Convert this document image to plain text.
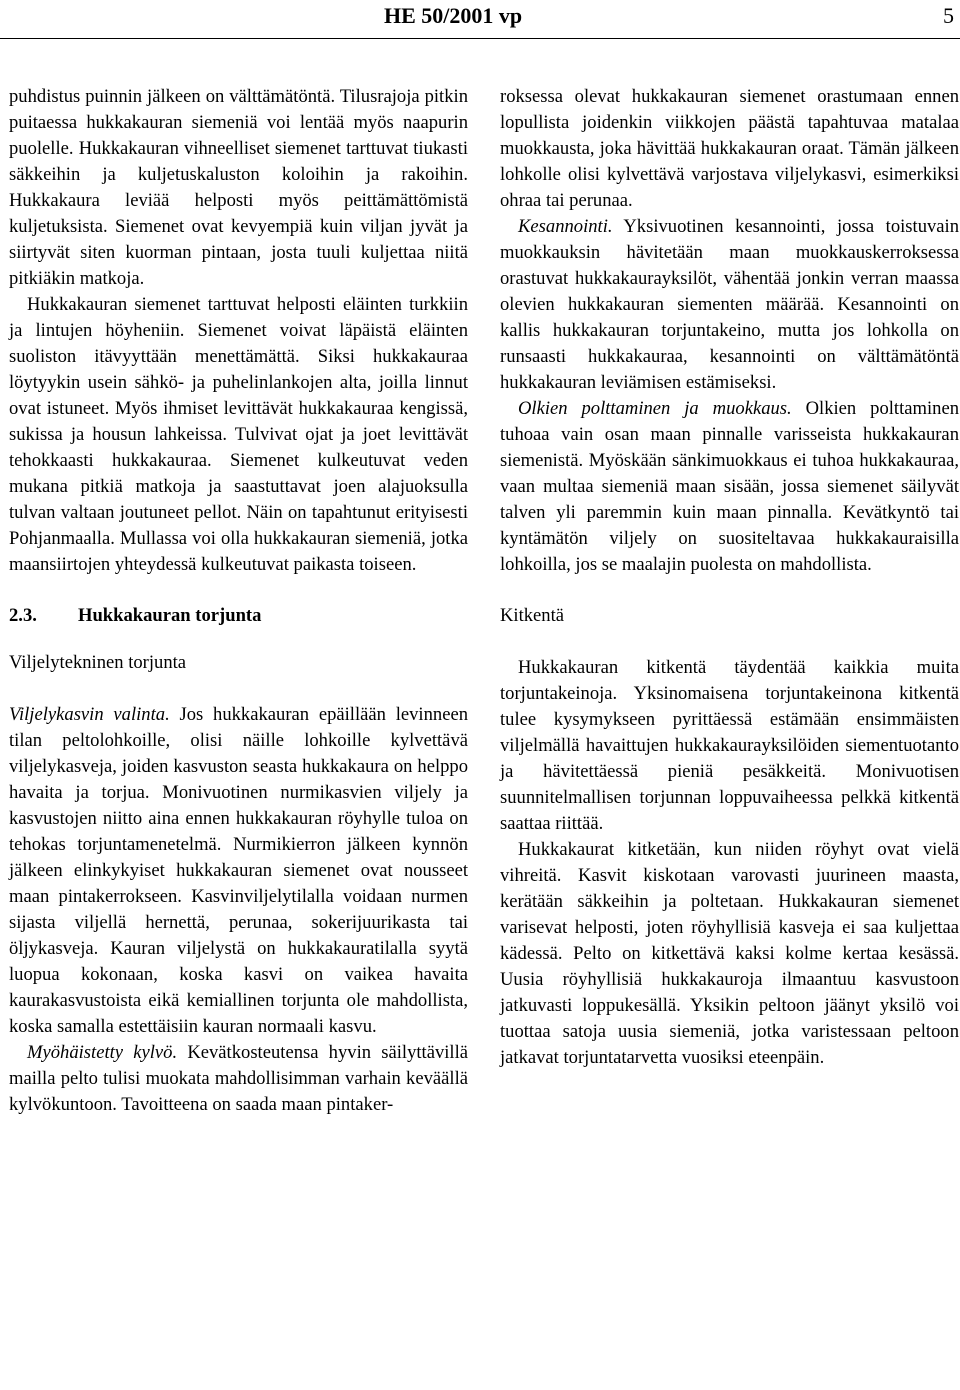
HE 50/2001 vp	5

puhdistus puinnin jälkeen on välttämätöntä. Tilusrajoja pitkin puitaessa hukkakauran siemeniä voi lentää myös naapurin puolelle. Hukkakauran vihneelliset siemenet tarttuvat tiukasti säkkeihin ja kuljetuskaluston koloihin ja rakoihin. Hukkakaura leviää helposti myös peittämättömistä kuljetuksista. Siemenet ovat kevyempiä kuin viljan jyvät ja siirtyvät siten kuorman pintaan, josta tuuli kuljettaa niitä pitkiäkin matkoja.

Hukkakauran siemenet tarttuvat helposti eläinten turkkiin ja lintujen höyheniin. Siemenet voivat läpäistä eläinten suoliston itävyyttään menettämättä. Siksi hukkakauraa löytyykin usein sähkö- ja puhelinlankojen alta, joilla linnut ovat istuneet. Myös ihmiset levittävät hukkakauraa kengissä, sukissa ja housun lahkeissa. Tulvivat ojat ja joet levittävät tehokkaasti hukkakauraa. Siemenet kulkeutuvat veden mukana pitkiä matkoja ja saastuttavat joen alajuoksulla tulvan valtaan joutuneet pellot. Näin on tapahtunut erityisesti Pohjanmaalla. Mullassa voi olla hukkakauran siemeniä, jotka maansiirtojen yhteydessä kulkeutuvat paikasta toiseen.

2.3.	Hukkakauran torjunta

Viljelytekninen torjunta

Viljelykasvin valinta. Jos hukkakauran epäillään levinneen tilan peltolohkoille, olisi näille lohkoille kylvettävä viljelykasveja, joiden kasvuston seasta hukkakaura on helppo havaita ja torjua. Monivuotinen nurmikasvien viljely ja kasvustojen niitto aina ennen hukkakauran röyhylle tuloa on tehokas torjuntamenetelmä. Nurmikierron jälkeen kynnön jälkeen elinkykyiset hukkakauran siemenet ovat nousseet maan pintakerrokseen. Kasvinviljelytilalla voidaan nurmen sijasta viljellä hernettä, perunaa, sokerijuurikasta tai öljykasveja. Kauran viljelystä on hukkakauratilalla syytä luopua kokonaan, koska kasvi on vaikea havaita kaurakasvustoista eikä kemiallinen torjunta ole mahdollista, koska samalla estettäisiin kauran normaali kasvu.

Myöhäistetty kylvö. Kevätkosteutensa hyvin säilyttävillä mailla pelto tulisi muokata mahdollisimman varhain keväällä kylvökuntoon. Tavoitteena on saada maan pintaker-

roksessa olevat hukkakauran siemenet orastumaan ennen lopullista joidenkin viikkojen päästä tapahtuvaa matalaa muokkausta, joka hävittää hukkakauran oraat. Tämän jälkeen lohkolle olisi kylvettävä varjostava viljelykasvi, esimerkiksi ohraa tai perunaa.

Kesannointi. Yksivuotinen kesannointi, jossa toistuvain muokkauksin hävitetään maan muokkauskerroksessa orastuvat hukkakaurayksilöt, vähentää jonkin verran maassa olevien hukkakauran siementen määrää. Kesannointi on kallis hukkakauran torjuntakeino, mutta jos lohkolla on runsaasti hukkakauraa, kesannointi on välttämätöntä hukkakauran leviämisen estämiseksi.

Olkien polttaminen ja muokkaus. Olkien polttaminen tuhoaa vain osan maan pinnalle varisseista hukkakauran siemenistä. Myöskään sänkimuokkaus ei tuhoa hukkakauraa, vaan multaa siemeniä maan sisään, jossa siemenet säilyvät talven yli paremmin kuin maan pinnalla. Kevätkyntö tai kyntämätön viljely on suositeltavaa hukkakauraisilla lohkoilla, jos se maalajin puolesta on mahdollista.

Kitkentä

Hukkakauran kitkentä täydentää kaikkia muita torjuntakeinoja. Yksinomaisena torjuntakeinona kitkentä tulee kysymykseen pyrittäessä estämään ensimmäisten viljelmällä havaittujen hukkakaurayksilöiden siementuotanto ja hävitettäessä pieniä pesäkkeitä. Monivuotisen suunnitelmallisen torjunnan loppuvaiheessa pelkkä kitkentä saattaa riittää.

Hukkakaurat kitketään, kun niiden röyhyt ovat vielä vihreitä. Kasvit kiskotaan varovasti juurineen maasta, kerätään säkkeihin ja poltetaan. Hukkakauran siemenet varisevat helposti, joten röyhyllisiä kasveja ei saa kuljettaa kädessä. Pelto on kitkettävä kaksi kolme kertaa kesässä. Uusia röyhyllisiä hukkakauroja ilmaantuu kasvustoon jatkuvasti loppukesällä. Yksikin peltoon jäänyt yksilö voi tuottaa satoja uusia siemeniä, jotka varistessaan peltoon jatkavat torjuntatarvetta vuosiksi eteenpäin.
